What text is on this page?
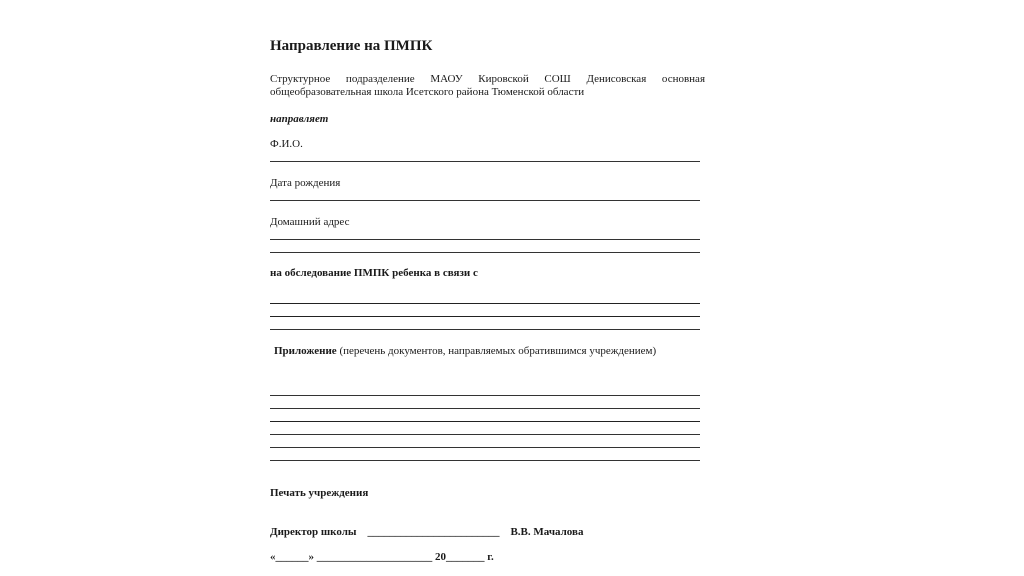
Направление на ПМПК
Структурное подразделение МАОУ Кировской СОШ Денисовская основная общеобразовательная школа Исетского района Тюменской области
направляет
Ф.И.О.
Дата рождения
Домашний адрес
на обследование ПМПК ребенка в связи с
Приложение (перечень документов, направляемых обратившимся учреждением)
Печать учреждения
Директор школы    ________________________    В.В. Мачалова
«______» _____________________ 20_______ г.
